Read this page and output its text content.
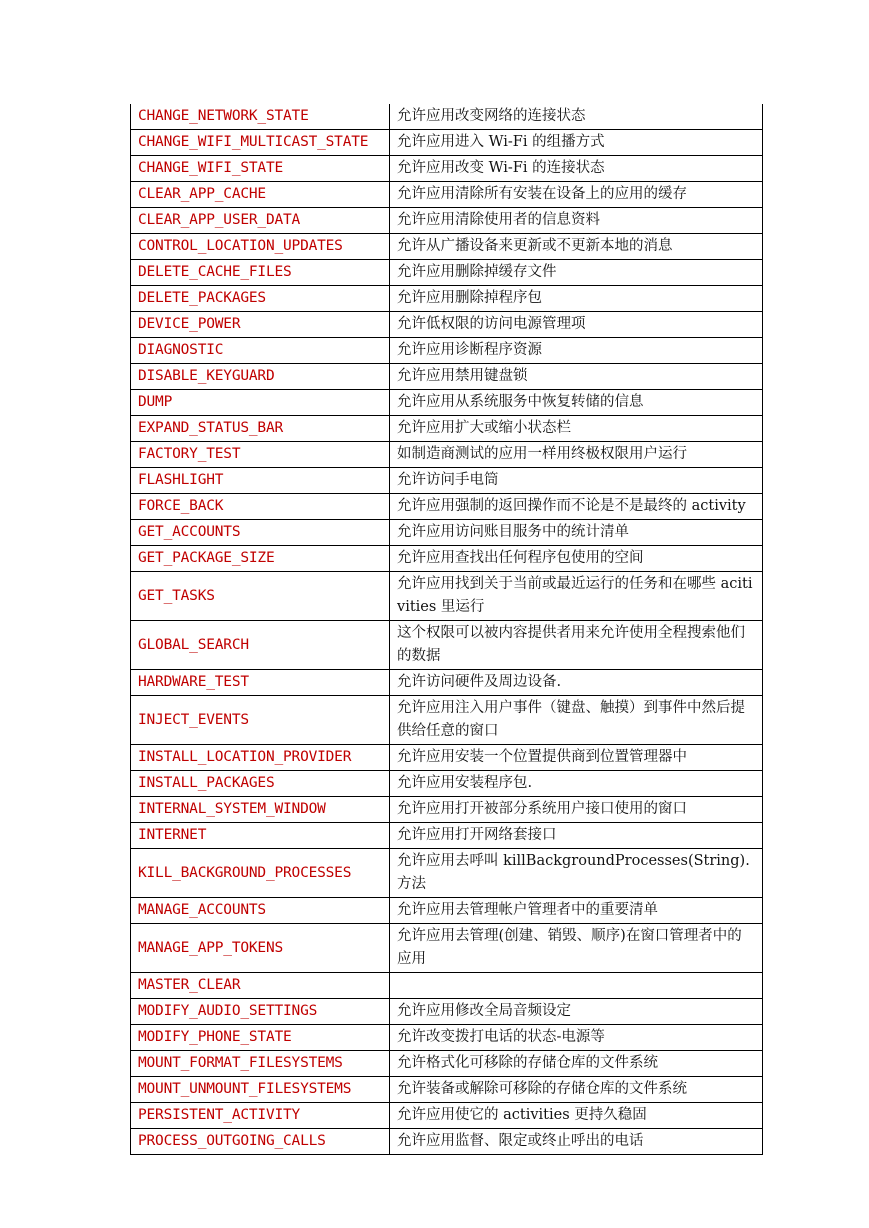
CHANGE_NETWORK_STATE	允许应用改变网络的连接状态
CHANGE_WIFI_MULTICAST_STATE	允许应用进入 Wi-Fi 的组播方式
CHANGE_WIFI_STATE	允许应用改变 Wi-Fi 的连接状态
CLEAR_APP_CACHE	允许应用清除所有安装在设备上的应用的缓存
CLEAR_APP_USER_DATA	允许应用清除使用者的信息资料
CONTROL_LOCATION_UPDATES	允许从广播设备来更新或不更新本地的消息
DELETE_CACHE_FILES	允许应用删除掉缓存文件
DELETE_PACKAGES	允许应用删除掉程序包
DEVICE_POWER	允许低权限的访问电源管理项
DIAGNOSTIC	允许应用诊断程序资源
DISABLE_KEYGUARD	允许应用禁用键盘锁
DUMP	允许应用从系统服务中恢复转储的信息
EXPAND_STATUS_BAR	允许应用扩大或缩小状态栏
FACTORY_TEST	如制造商测试的应用一样用终极权限用户运行
FLASHLIGHT	允许访问手电筒
FORCE_BACK	允许应用强制的返回操作而不论是不是最终的 activity
GET_ACCOUNTS	允许应用访问账目服务中的统计清单
GET_PACKAGE_SIZE	允许应用查找出任何程序包使用的空间
GET_TASKS	允许应用找到关于当前或最近运行的任务和在哪些 acitivities 里运行
GLOBAL_SEARCH	这个权限可以被内容提供者用来允许使用全程搜索他们的数据
HARDWARE_TEST	允许访问硬件及周边设备.
INJECT_EVENTS	允许应用注入用户事件（键盘、触摸）到事件中然后提供给任意的窗口
INSTALL_LOCATION_PROVIDER	允许应用安装一个位置提供商到位置管理器中
INSTALL_PACKAGES	允许应用安装程序包.
INTERNAL_SYSTEM_WINDOW	允许应用打开被部分系统用户接口使用的窗口
INTERNET	允许应用打开网络套接口
KILL_BACKGROUND_PROCESSES	允许应用去呼叫 killBackgroundProcesses(String).方法
MANAGE_ACCOUNTS	允许应用去管理帐户管理者中的重要清单
MANAGE_APP_TOKENS	允许应用去管理(创建、销毁、顺序)在窗口管理者中的应用
MASTER_CLEAR	
MODIFY_AUDIO_SETTINGS	允许应用修改全局音频设定
MODIFY_PHONE_STATE	允许改变拨打电话的状态-电源等
MOUNT_FORMAT_FILESYSTEMS	允许格式化可移除的存储仓库的文件系统
MOUNT_UNMOUNT_FILESYSTEMS	允许装备或解除可移除的存储仓库的文件系统
PERSISTENT_ACTIVITY	允许应用使它的 activities 更持久稳固
PROCESS_OUTGOING_CALLS	允许应用监督、限定或终止呼出的电话
